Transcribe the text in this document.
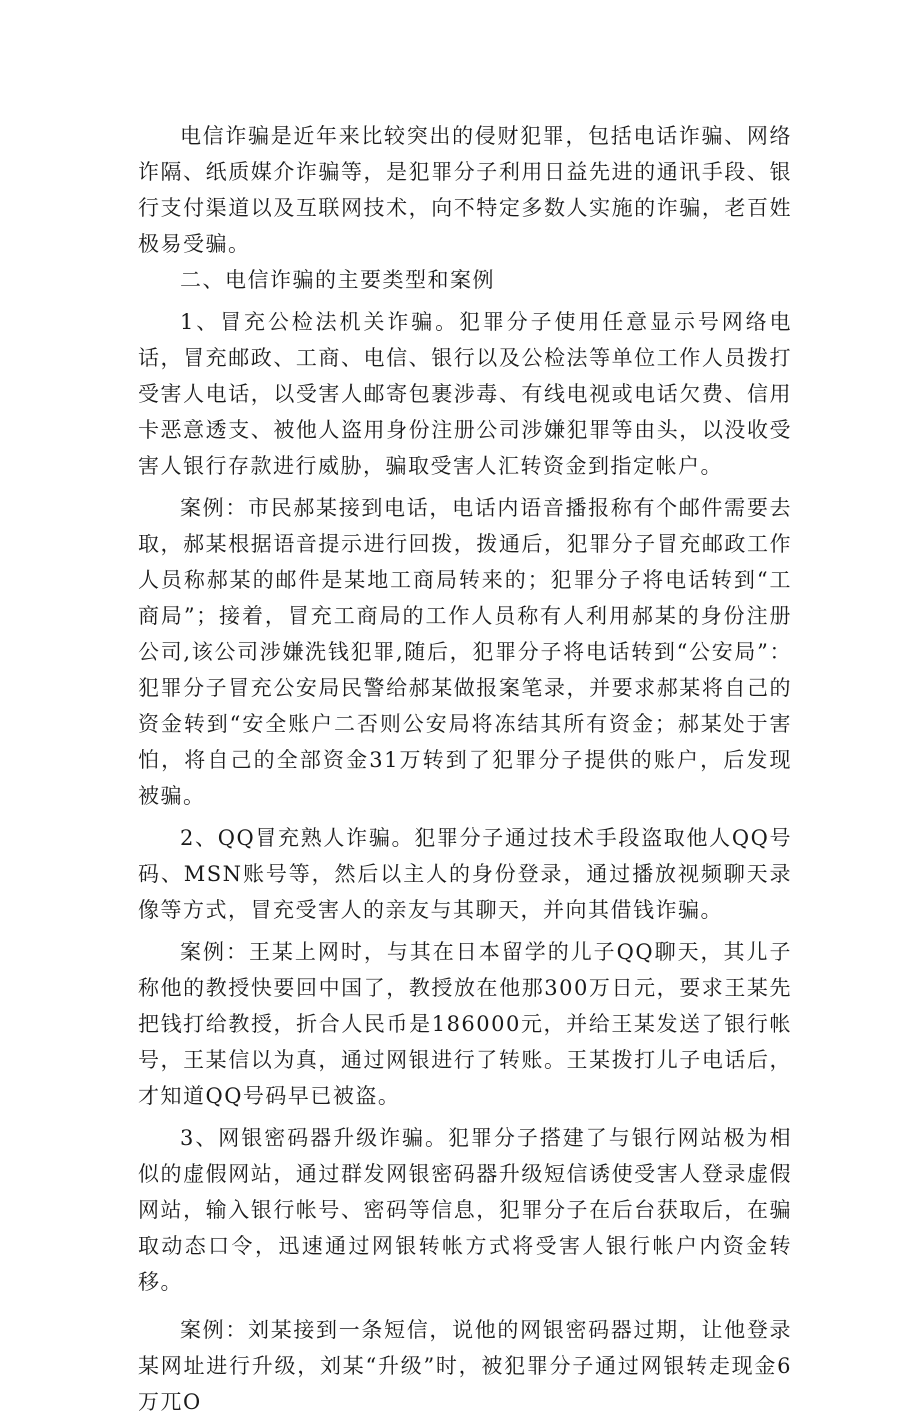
电信诈骗是近年来比较突出的侵财犯罪，包括电话诈骗、网络诈隔、纸质媒介诈骗等，是犯罪分子利用日益先进的通讯手段、银行支付渠道以及互联网技术，向不特定多数人实施的诈骗，老百姓极易受骗。

二、电信诈骗的主要类型和案例

1、冒充公检法机关诈骗。犯罪分子使用任意显示号网络电话，冒充邮政、工商、电信、银行以及公检法等单位工作人员拨打受害人电话，以受害人邮寄包裹涉毒、有线电视或电话欠费、信用卡恶意透支、被他人盗用身份注册公司涉嫌犯罪等由头，以没收受害人银行存款进行威胁，骗取受害人汇转资金到指定帐户。

案例：市民郝某接到电话，电话内语音播报称有个邮件需要去取，郝某根据语音提示进行回拨，拨通后，犯罪分子冒充邮政工作人员称郝某的邮件是某地工商局转来的；犯罪分子将电话转到“工商局”；接着，冒充工商局的工作人员称有人利用郝某的身份注册公司,该公司涉嫌洗钱犯罪,随后，犯罪分子将电话转到“公安局”：犯罪分子冒充公安局民警给郝某做报案笔录，并要求郝某将自己的资金转到“安全账户二否则公安局将冻结其所有资金；郝某处于害怕，将自己的全部资金31万转到了犯罪分子提供的账户，后发现被骗。

2、QQ冒充熟人诈骗。犯罪分子通过技术手段盗取他人QQ号码、MSN账号等，然后以主人的身份登录，通过播放视频聊天录像等方式，冒充受害人的亲友与其聊天，并向其借钱诈骗。

案例：王某上网时，与其在日本留学的儿子QQ聊天，其儿子称他的教授快要回中国了，教授放在他那300万日元，要求王某先把钱打给教授，折合人民币是186000元，并给王某发送了银行帐号，王某信以为真，通过网银进行了转账。王某拨打儿子电话后，才知道QQ号码早已被盗。

3、网银密码器升级诈骗。犯罪分子搭建了与银行网站极为相似的虚假网站，通过群发网银密码器升级短信诱使受害人登录虚假网站，输入银行帐号、密码等信息，犯罪分子在后台获取后，在骗取动态口令，迅速通过网银转帐方式将受害人银行帐户内资金转移。

案例：刘某接到一条短信，说他的网银密码器过期，让他登录某网址进行升级，刘某“升级”时，被犯罪分子通过网银转走现金6万兀O
